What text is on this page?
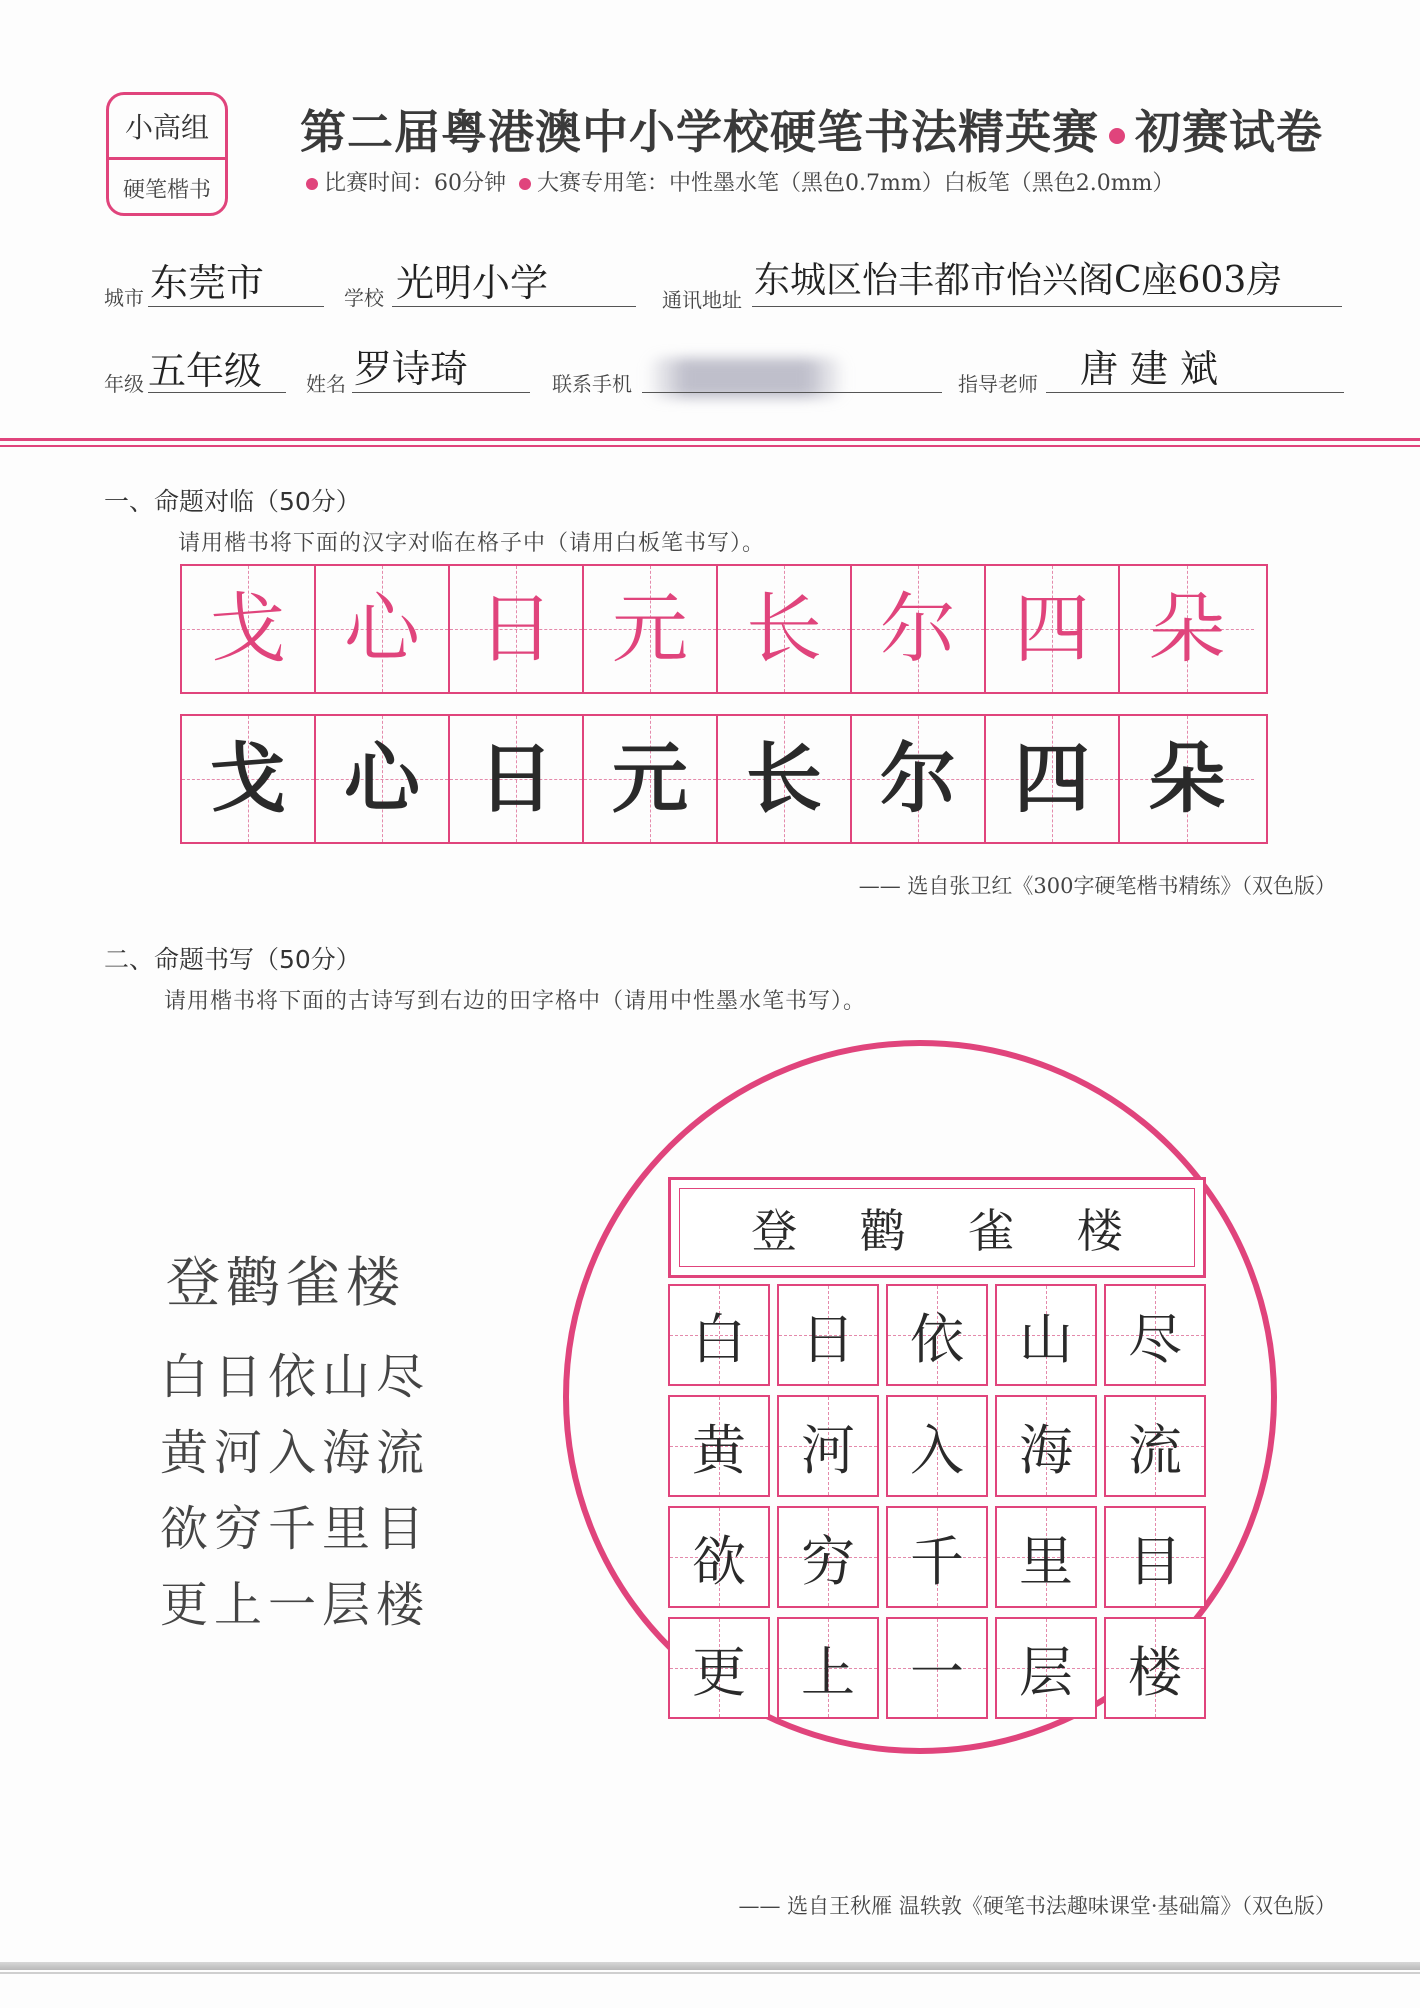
小高组
硬笔楷书
第二届粤港澳中小学校硬笔书法精英赛 初赛试卷
比赛时间：60分钟 大赛专用笔：中性墨水笔（黑色0.7mm）白板笔（黑色2.0mm）
城市 东莞市	学校 光明小学	通讯地址 东城区怡丰都市怡兴阁C座603房
年级 五年级 姓名 罗诗琦	联系手机	指导老师 唐建斌
一、命题对临（50分）
请用楷书将下面的汉字对临在格子中（请用白板笔书写）。
戈 心 日 元 长 尔 四 朵
戈 心 日 元 长 尔 四 朵
—— 选自张卫红《300字硬笔楷书精练》（双色版）
二、命题书写（50分）
请用楷书将下面的古诗写到右边的田字格中（请用中性墨水笔书写）。
登鹳雀楼
白日依山尽
黄河入海流
欲穷千里目
更上一层楼
登 鹳 雀 楼
白 日 依 山 尽
黄 河 入 海 流
欲 穷 千 里 目
更 上 一 层 楼
—— 选自王秋雁 温轶敦《硬笔书法趣味课堂·基础篇》（双色版）
